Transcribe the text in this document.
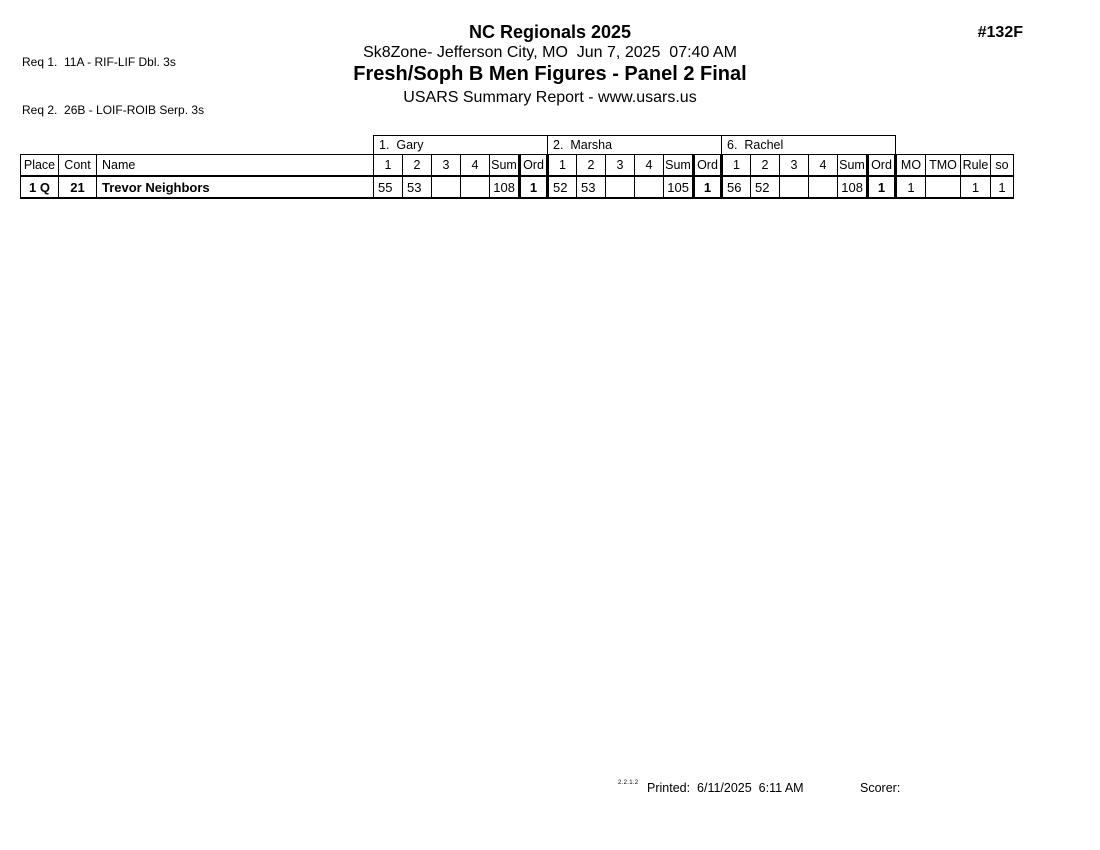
Req 1.  11A - RIF-LIF Dbl. 3s

Req 2.  26B - LOIF-ROIB Serp. 3s

NC Regionals 2025
Sk8Zone- Jefferson City, MO  Jun 7, 2025  07:40 AM
Fresh/Soph B Men Figures - Panel 2 Final
USARS Summary Report - www.usars.us
#132F
			1.  Gary						2.  Marsha						6.  Rachel									
Place	Cont	Name	1	2	3	4	Sum	Ord	1	2	3	4	Sum	Ord	1	2	3	4	Sum	Ord	MO	TMO	Rule	so
1 Q	21	Trevor Neighbors	55	53			108	1	52	53			105	1	56	52			108	1	1		1	1
2.2.1.2 Printed:  6/11/2025  6:11 AM	Scorer:
